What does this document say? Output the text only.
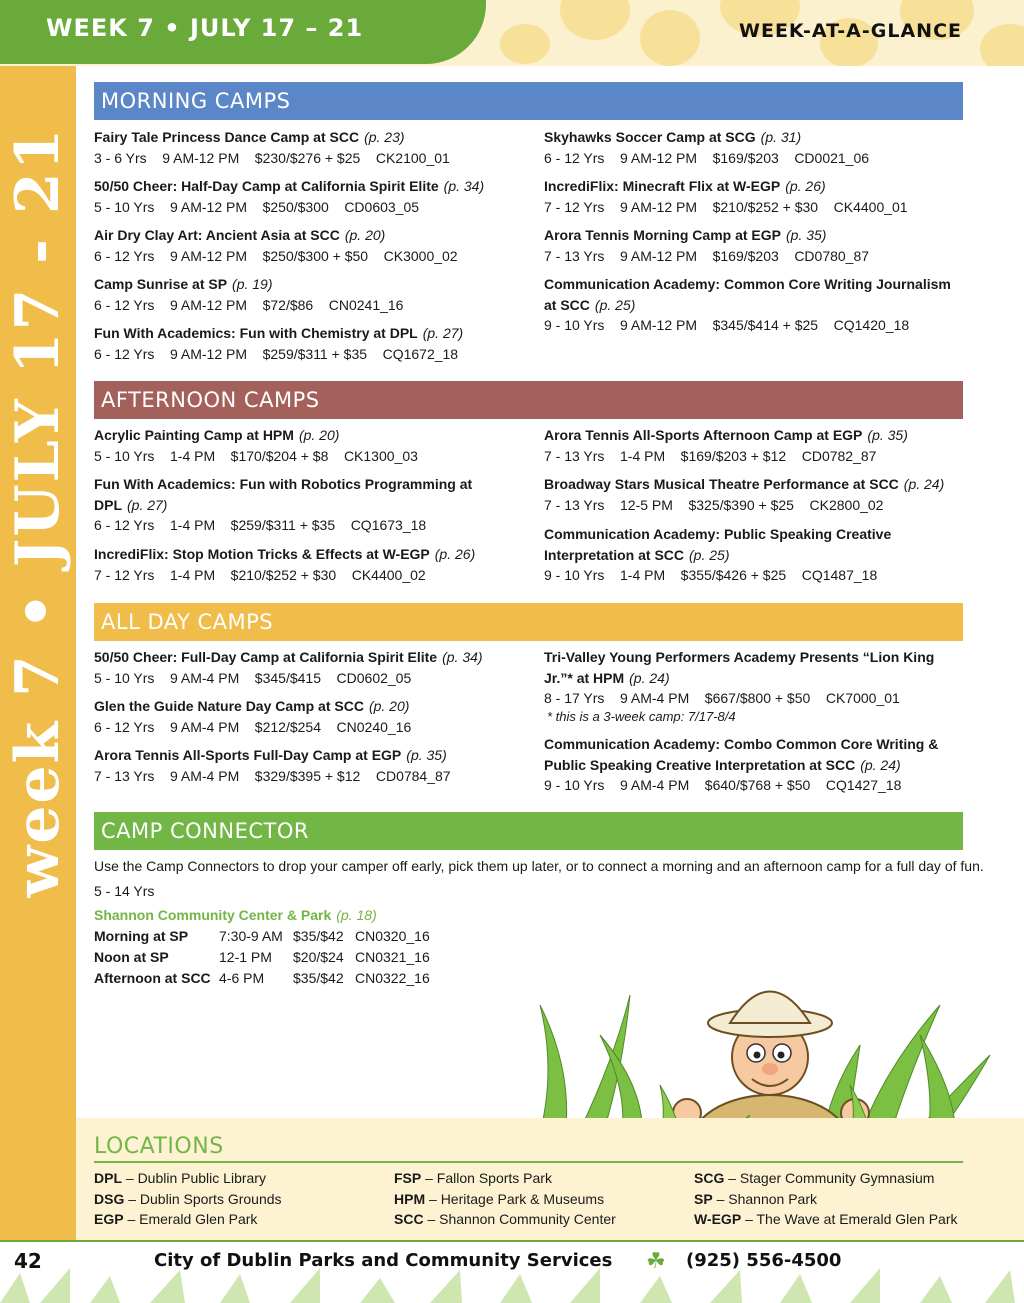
WEEK 7 • JULY 17 – 21	WEEK-AT-A-GLANCE
week 7 • JULY 17 - 21
MORNING CAMPS
Fairy Tale Princess Dance Camp at SCC (p. 23)
3 - 6 Yrs    9 AM-12 PM    $230/$276 + $25    CK2100_01
50/50 Cheer: Half-Day Camp at California Spirit Elite (p. 34)
5 - 10 Yrs    9 AM-12 PM    $250/$300    CD0603_05
Air Dry Clay Art: Ancient Asia at SCC (p. 20)
6 - 12 Yrs    9 AM-12 PM    $250/$300 + $50    CK3000_02
Camp Sunrise at SP (p. 19)
6 - 12 Yrs    9 AM-12 PM    $72/$86    CN0241_16
Fun With Academics: Fun with Chemistry at DPL (p. 27)
6 - 12 Yrs    9 AM-12 PM    $259/$311 + $35    CQ1672_18
Skyhawks Soccer Camp at SCG (p. 31)
6 - 12 Yrs    9 AM-12 PM    $169/$203    CD0021_06
IncrediFlix: Minecraft Flix at W-EGP (p. 26)
7 - 12 Yrs    9 AM-12 PM    $210/$252 + $30    CK4400_01
Arora Tennis Morning Camp at EGP (p. 35)
7 - 13 Yrs    9 AM-12 PM    $169/$203    CD0780_87
Communication Academy: Common Core Writing Journalism at SCC (p. 25)
9 - 10 Yrs    9 AM-12 PM    $345/$414 + $25    CQ1420_18
AFTERNOON CAMPS
Acrylic Painting Camp at HPM (p. 20)
5 - 10 Yrs    1-4 PM    $170/$204 + $8    CK1300_03
Fun With Academics: Fun with Robotics Programming at DPL (p. 27)
6 - 12 Yrs    1-4 PM    $259/$311 + $35    CQ1673_18
IncrediFlix: Stop Motion Tricks & Effects at W-EGP (p. 26)
7 - 12 Yrs    1-4 PM    $210/$252 + $30    CK4400_02
Arora Tennis All-Sports Afternoon Camp at EGP (p. 35)
7 - 13 Yrs    1-4 PM    $169/$203 + $12    CD0782_87
Broadway Stars Musical Theatre Performance at SCC (p. 24)
7 - 13 Yrs    12-5 PM    $325/$390 + $25    CK2800_02
Communication Academy: Public Speaking Creative Interpretation at SCC (p. 25)
9 - 10 Yrs    1-4 PM    $355/$426 + $25    CQ1487_18
ALL DAY CAMPS
50/50 Cheer: Full-Day Camp at California Spirit Elite (p. 34)
5 - 10 Yrs    9 AM-4 PM    $345/$415    CD0602_05
Glen the Guide Nature Day Camp at SCC (p. 20)
6 - 12 Yrs    9 AM-4 PM    $212/$254    CN0240_16
Arora Tennis All-Sports Full-Day Camp at EGP (p. 35)
7 - 13 Yrs    9 AM-4 PM    $329/$395 + $12    CD0784_87
Tri-Valley Young Performers Academy Presents “Lion King Jr.”* at HPM (p. 24)
8 - 17 Yrs    9 AM-4 PM    $667/$800 + $50    CK7000_01
* this is a 3-week camp: 7/17-8/4
Communication Academy: Combo Common Core Writing & Public Speaking Creative Interpretation at SCC (p. 24)
9 - 10 Yrs    9 AM-4 PM    $640/$768 + $50    CQ1427_18
CAMP CONNECTOR
Use the Camp Connectors to drop your camper off early, pick them up later, or to connect a morning and an afternoon camp for a full day of fun.
5 - 14 Yrs
Shannon Community Center & Park (p. 18)
Morning at SP 7:30-9 AM $35/$42 CN0320_16
Noon at SP	12-1 PM $20/$24 CN0321_16
Afternoon at SCC 4-6 PM $35/$42 CN0322_16
LOCATIONS
DPL – Dublin Public Library
DSG – Dublin Sports Grounds
EGP – Emerald Glen Park
FSP – Fallon Sports Park
HPM – Heritage Park & Museums
SCC – Shannon Community Center
SCG – Stager Community Gymnasium
SP – Shannon Park
W-EGP – The Wave at Emerald Glen Park
42	City of Dublin Parks and Community Services ☘ (925) 556-4500
